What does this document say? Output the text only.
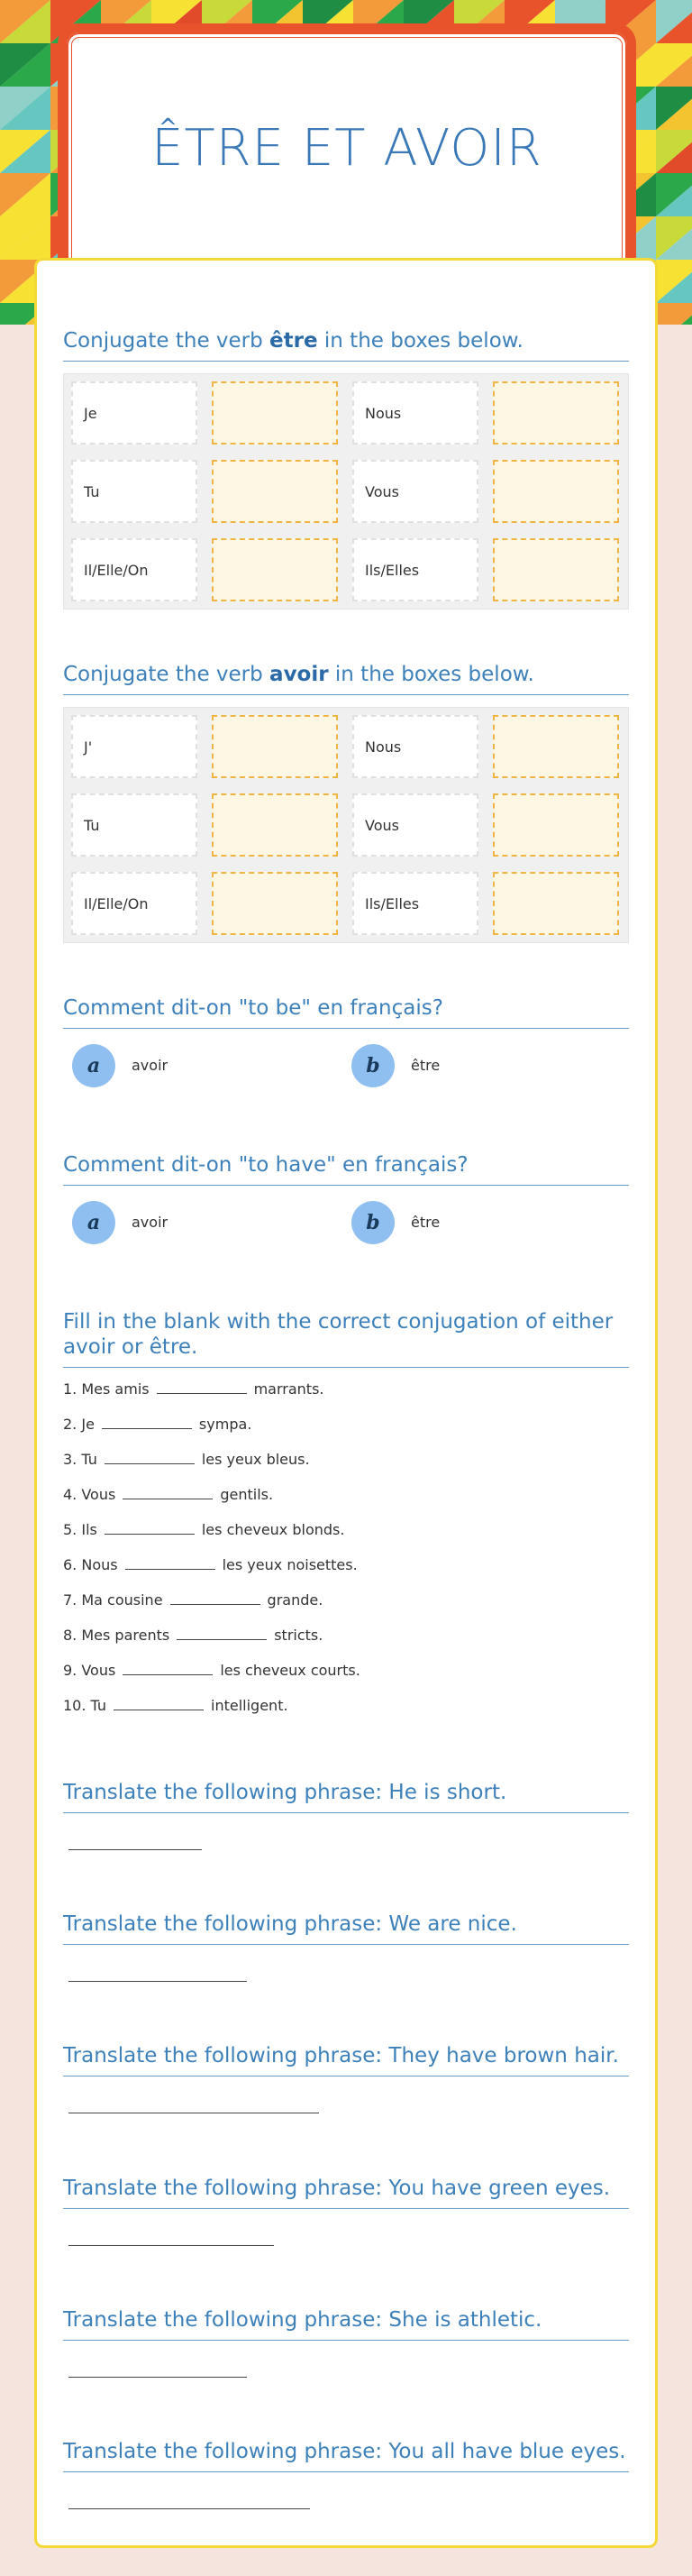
ÊTRE ET AVOIR
Conjugate the verb être in the boxes below.
Je	Nous
Tu	Vous
Il/Elle/On	Ils/Elles
Conjugate the verb avoir in the boxes below.
J'	Nous
Tu	Vous
Il/Elle/On	Ils/Elles
Comment dit-on "to be" en français?
a	avoir	b	être
Comment dit-on "to have" en français?
a	avoir	b	être
Fill in the blank with the correct conjugation of either avoir or être.
1. Mes amis	marrants.
2. Je	sympa.
3. Tu	les yeux bleus.
4. Vous	gentils.
5. Ils	les cheveux blonds.
6. Nous	les yeux noisettes.
7. Ma cousine	grande.
8. Mes parents	stricts.
9. Vous	les cheveux courts.
10. Tu	intelligent.
Translate the following phrase: He is short.
Translate the following phrase: We are nice.
Translate the following phrase: They have brown hair.
Translate the following phrase: You have green eyes.
Translate the following phrase: She is athletic.
Translate the following phrase: You all have blue eyes.
